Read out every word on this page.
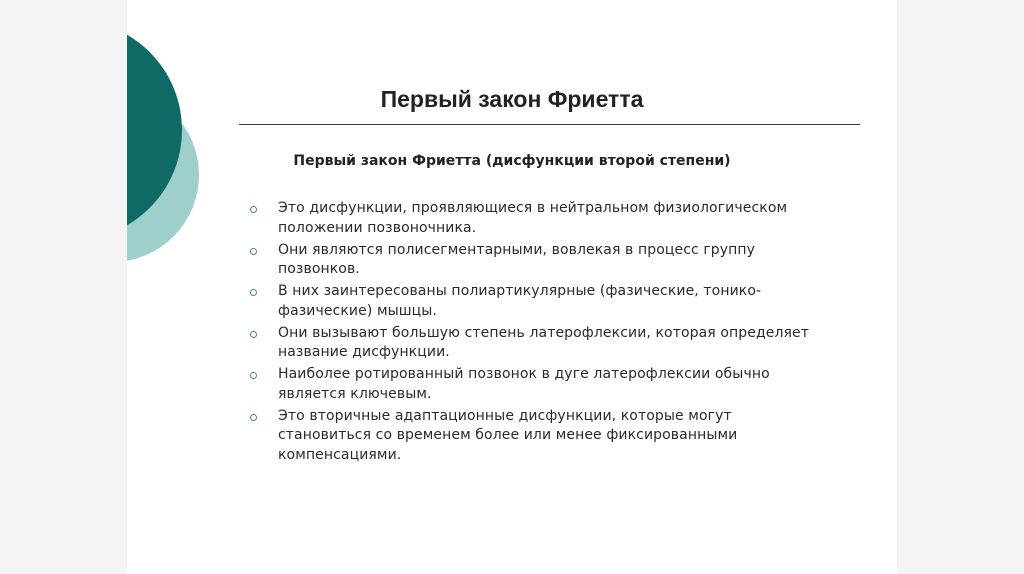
Первый закон Фриетта
Первый закон Фриетта (дисфункции второй степени)
Это дисфункции, проявляющиеся в нейтральном физиологическом
положении позвоночника.
Они являются полисегментарными, вовлекая в процесс группу
позвонков.
В них заинтересованы полиартикулярные (фазические, тонико-
фазические) мышцы.
Они вызывают большую степень латерофлексии, которая определяет
название дисфункции.
Наиболее ротированный позвонок в дуге латерофлексии обычно
является ключевым.
Это вторичные адаптационные дисфункции, которые могут
становиться со временем более или менее фиксированными
компенсациями.
